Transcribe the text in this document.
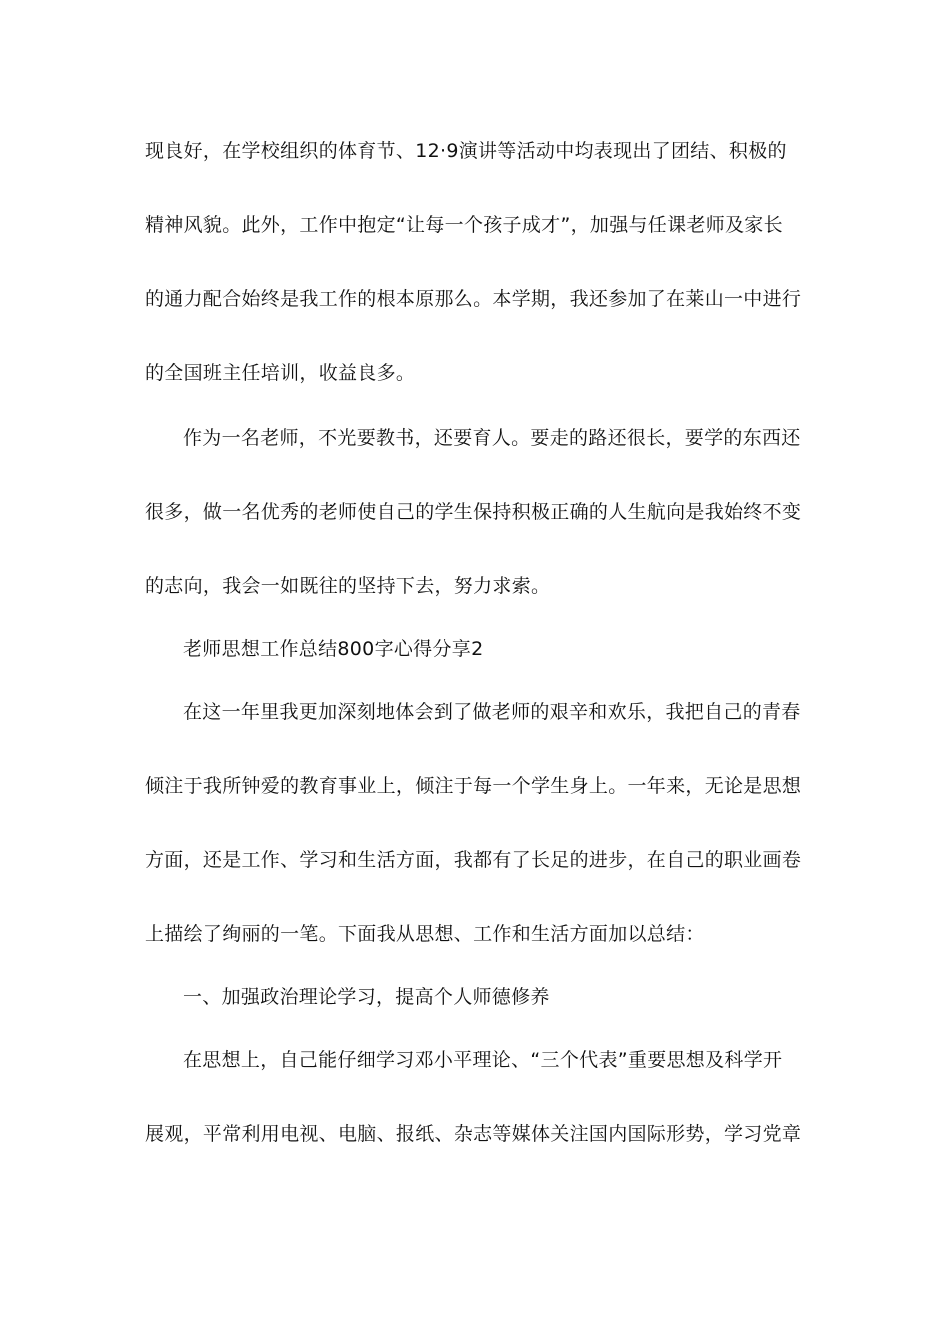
现良好，在学校组织的体育节、12·9演讲等活动中均表现出了团结、积极的
精神风貌。此外，工作中抱定“让每一个孩子成才”，加强与任课老师及家长
的通力配合始终是我工作的根本原那么。本学期，我还参加了在莱山一中进行
的全国班主任培训，收益良多。
作为一名老师，不光要教书，还要育人。要走的路还很长，要学的东西还
很多，做一名优秀的老师使自己的学生保持积极正确的人生航向是我始终不变
的志向，我会一如既往的坚持下去，努力求索。
老师思想工作总结800字心得分享2
在这一年里我更加深刻地体会到了做老师的艰辛和欢乐，我把自己的青春
倾注于我所钟爱的教育事业上，倾注于每一个学生身上。一年来，无论是思想
方面，还是工作、学习和生活方面，我都有了长足的进步，在自己的职业画卷
上描绘了绚丽的一笔。下面我从思想、工作和生活方面加以总结：
一、加强政治理论学习，提高个人师德修养
在思想上，自己能仔细学习邓小平理论、“三个代表”重要思想及科学开
展观，平常利用电视、电脑、报纸、杂志等媒体关注国内国际形势，学习党章
